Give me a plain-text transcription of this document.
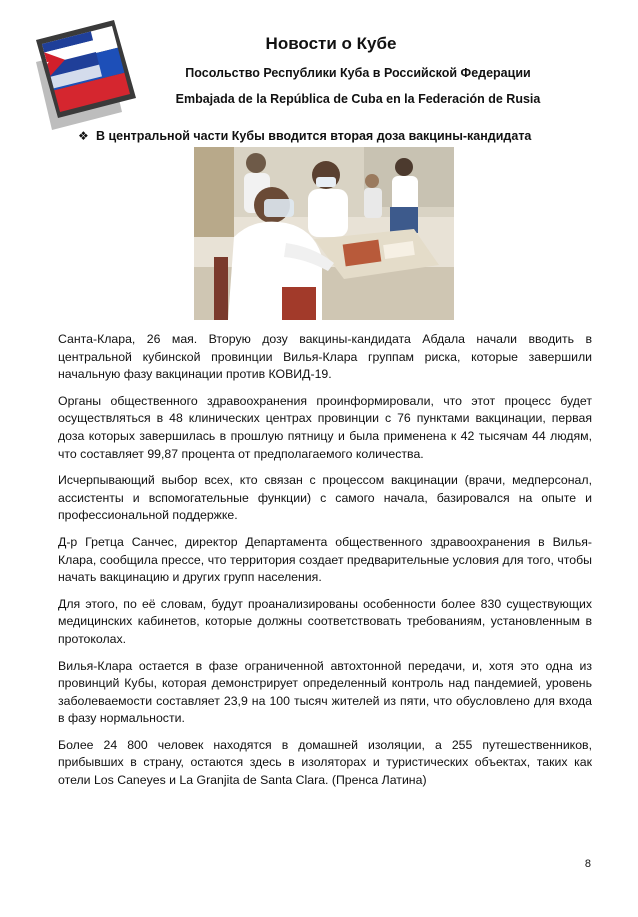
Новости о Кубе
Посольство Республики Куба в Российской Федерации
Embajada de la República de Cuba en la Federación de Rusia
❖ В центральной части Кубы вводится вторая доза вакцины-кандидата

Санта-Клара, 26 мая. Вторую дозу вакцины-кандидата Абдала начали вводить в центральной кубинской провинции Вилья-Клара группам риска, которые завершили начальную фазу вакцинации против КОВИД-19.

Органы общественного здравоохранения проинформировали, что этот процесс будет осуществляться в 48 клинических центрах провинции с 76 пунктами вакцинации, первая доза которых завершилась в прошлую пятницу и была применена к 42 тысячам 44 людям, что составляет 99,87 процента от предполагаемого количества.

Исчерпывающий выбор всех, кто связан с процессом вакцинации (врачи, медперсонал, ассистенты и вспомогательные функции) с самого начала, базировался на опыте и профессиональной поддержке.

Д-р Гретца Санчес, директор Департамента общественного здравоохранения в Вилья-Клара, сообщила прессе, что территория создает предварительные условия для того, чтобы начать вакцинацию и других групп населения.

Для этого, по её словам, будут проанализированы особенности более 830 существующих медицинских кабинетов, которые должны соответствовать требованиям, установленным в протоколах.

Вилья-Клара остается в фазе ограниченной автохтонной передачи, и, хотя это одна из провинций Кубы, которая демонстрирует определенный контроль над пандемией, уровень заболеваемости составляет 23,9 на 100 тысяч жителей из пяти, что обусловлено для входа в фазу нормальности.

Более 24 800 человек находятся в домашней изоляции, а 255 путешественников, прибывших в страну, остаются здесь в изоляторах и туристических объектах, таких как отели Los Caneyes и La Granjita de Santa Clara. (Пренса Латина)

8
